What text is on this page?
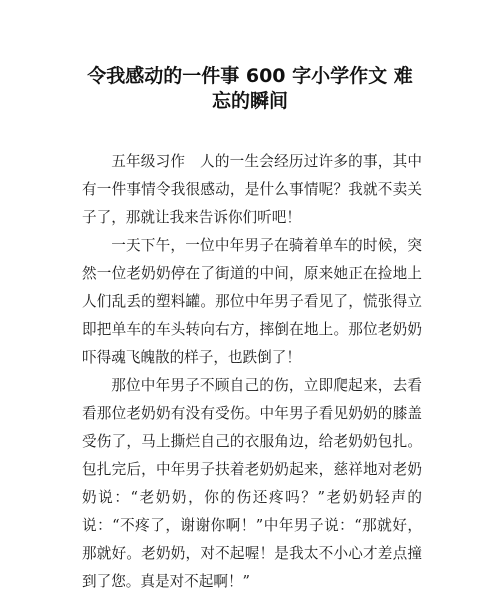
令我感动的一件事 600 字小学作文 难
忘的瞬间

五年级习作　人的一生会经历过许多的事，其中有一件事情令我很感动，是什么事情呢？我就不卖关子了，那就让我来告诉你们听吧！

一天下午，一位中年男子在骑着单车的时候，突然一位老奶奶停在了街道的中间，原来她正在捡地上人们乱丢的塑料罐。那位中年男子看见了，慌张得立即把单车的车头转向右方，摔倒在地上。那位老奶奶吓得魂飞魄散的样子，也跌倒了！

那位中年男子不顾自己的伤，立即爬起来，去看看那位老奶奶有没有受伤。中年男子看见奶奶的膝盖受伤了，马上撕烂自己的衣服角边，给老奶奶包扎。包扎完后，中年男子扶着老奶奶起来，慈祥地对老奶奶说：“老奶奶，你的伤还疼吗？”老奶奶轻声的说：“不疼了，谢谢你啊！”中年男子说：“那就好，那就好。老奶奶，对不起喔！是我太不小心才差点撞到了您。真是对不起啊！”
